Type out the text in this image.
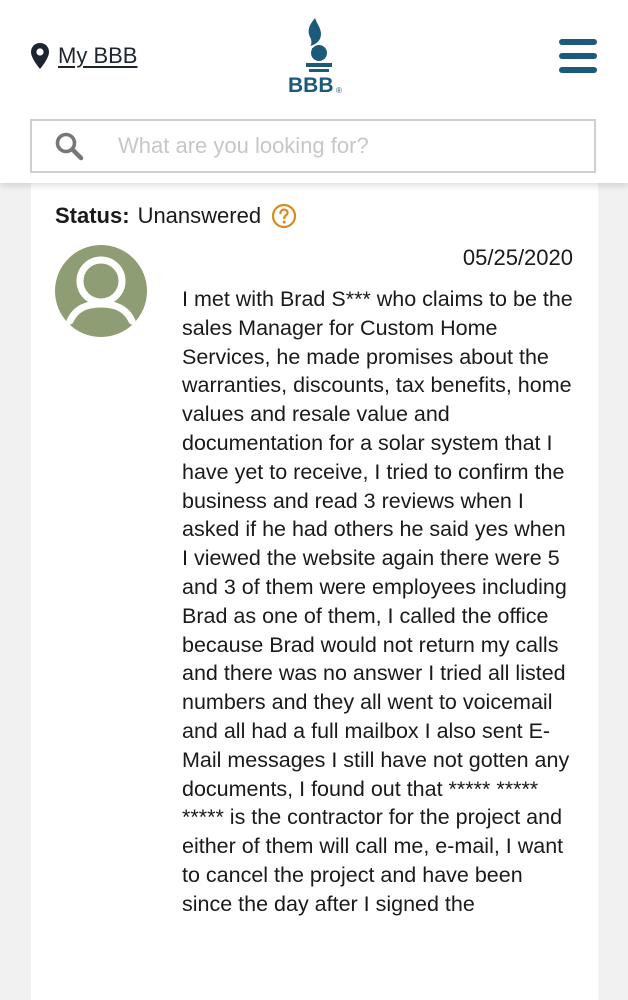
My BBB
BBB ®
What are you looking for?
Status: Unanswered
05/25/2020

I met with Brad S*** who claims to be the sales Manager for Custom Home Services, he made promises about the warranties, discounts, tax benefits, home values and resale value and documentation for a solar system that I have yet to receive, I tried to confirm the business and read 3 reviews when I asked if he had others he said yes when I viewed the website again there were 5 and 3 of them were employees including Brad as one of them, I called the office because Brad would not return my calls and there was no answer I tried all listed numbers and they all went to voicemail and all had a full mailbox I also sent E-Mail messages I still have not gotten any documents, I found out that ***** ***** ***** is the contractor for the project and either of them will call me, e-mail, I want to cancel the project and have been since the day after I signed the
